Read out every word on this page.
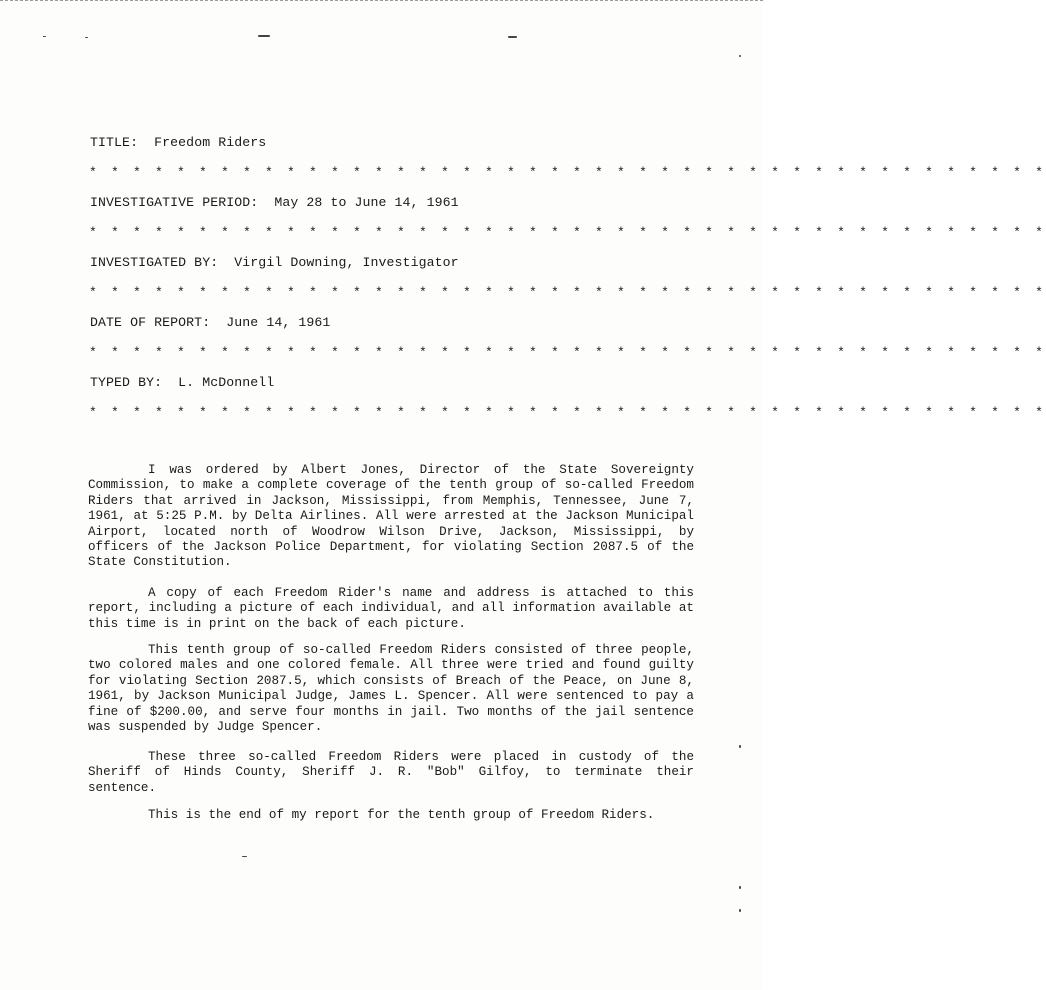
TITLE: Freedom Riders
* * * * * * * * * * * * * * * * * * * * * * * * * * * * * * * * * * * * * * * * * * * *
INVESTIGATIVE PERIOD: May 28 to June 14, 1961
* * * * * * * * * * * * * * * * * * * * * * * * * * * * * * * * * * * * * * * * * * * *
INVESTIGATED BY: Virgil Downing, Investigator
* * * * * * * * * * * * * * * * * * * * * * * * * * * * * * * * * * * * * * * * * * * *
DATE OF REPORT: June 14, 1961
* * * * * * * * * * * * * * * * * * * * * * * * * * * * * * * * * * * * * * * * * * * *
TYPED BY: L. McDonnell
* * * * * * * * * * * * * * * * * * * * * * * * * * * * * * * * * * * * * * * * * * * *

I was ordered by Albert Jones, Director of the State Sovereignty Commission, to make a complete coverage of the tenth group of so-called Freedom Riders that arrived in Jackson, Mississippi, from Memphis, Tennessee, June 7, 1961, at 5:25 P.M. by Delta Airlines. All were arrested at the Jackson Municipal Airport, located north of Woodrow Wilson Drive, Jackson, Mississippi, by officers of the Jackson Police Department, for violating Section 2087.5 of the State Constitution.

A copy of each Freedom Rider's name and address is attached to this report, including a picture of each individual, and all information available at this time is in print on the back of each picture.

This tenth group of so-called Freedom Riders consisted of three people, two colored males and one colored female. All three were tried and found guilty for violating Section 2087.5, which consists of Breach of the Peace, on June 8, 1961, by Jackson Municipal Judge, James L. Spencer. All were sentenced to pay a fine of $200.00, and serve four months in jail. Two months of the jail sentence was suspended by Judge Spencer.

These three so-called Freedom Riders were placed in custody of the Sheriff of Hinds County, Sheriff J. R. "Bob" Gilfoy, to terminate their sentence.

This is the end of my report for the tenth group of Freedom Riders.
